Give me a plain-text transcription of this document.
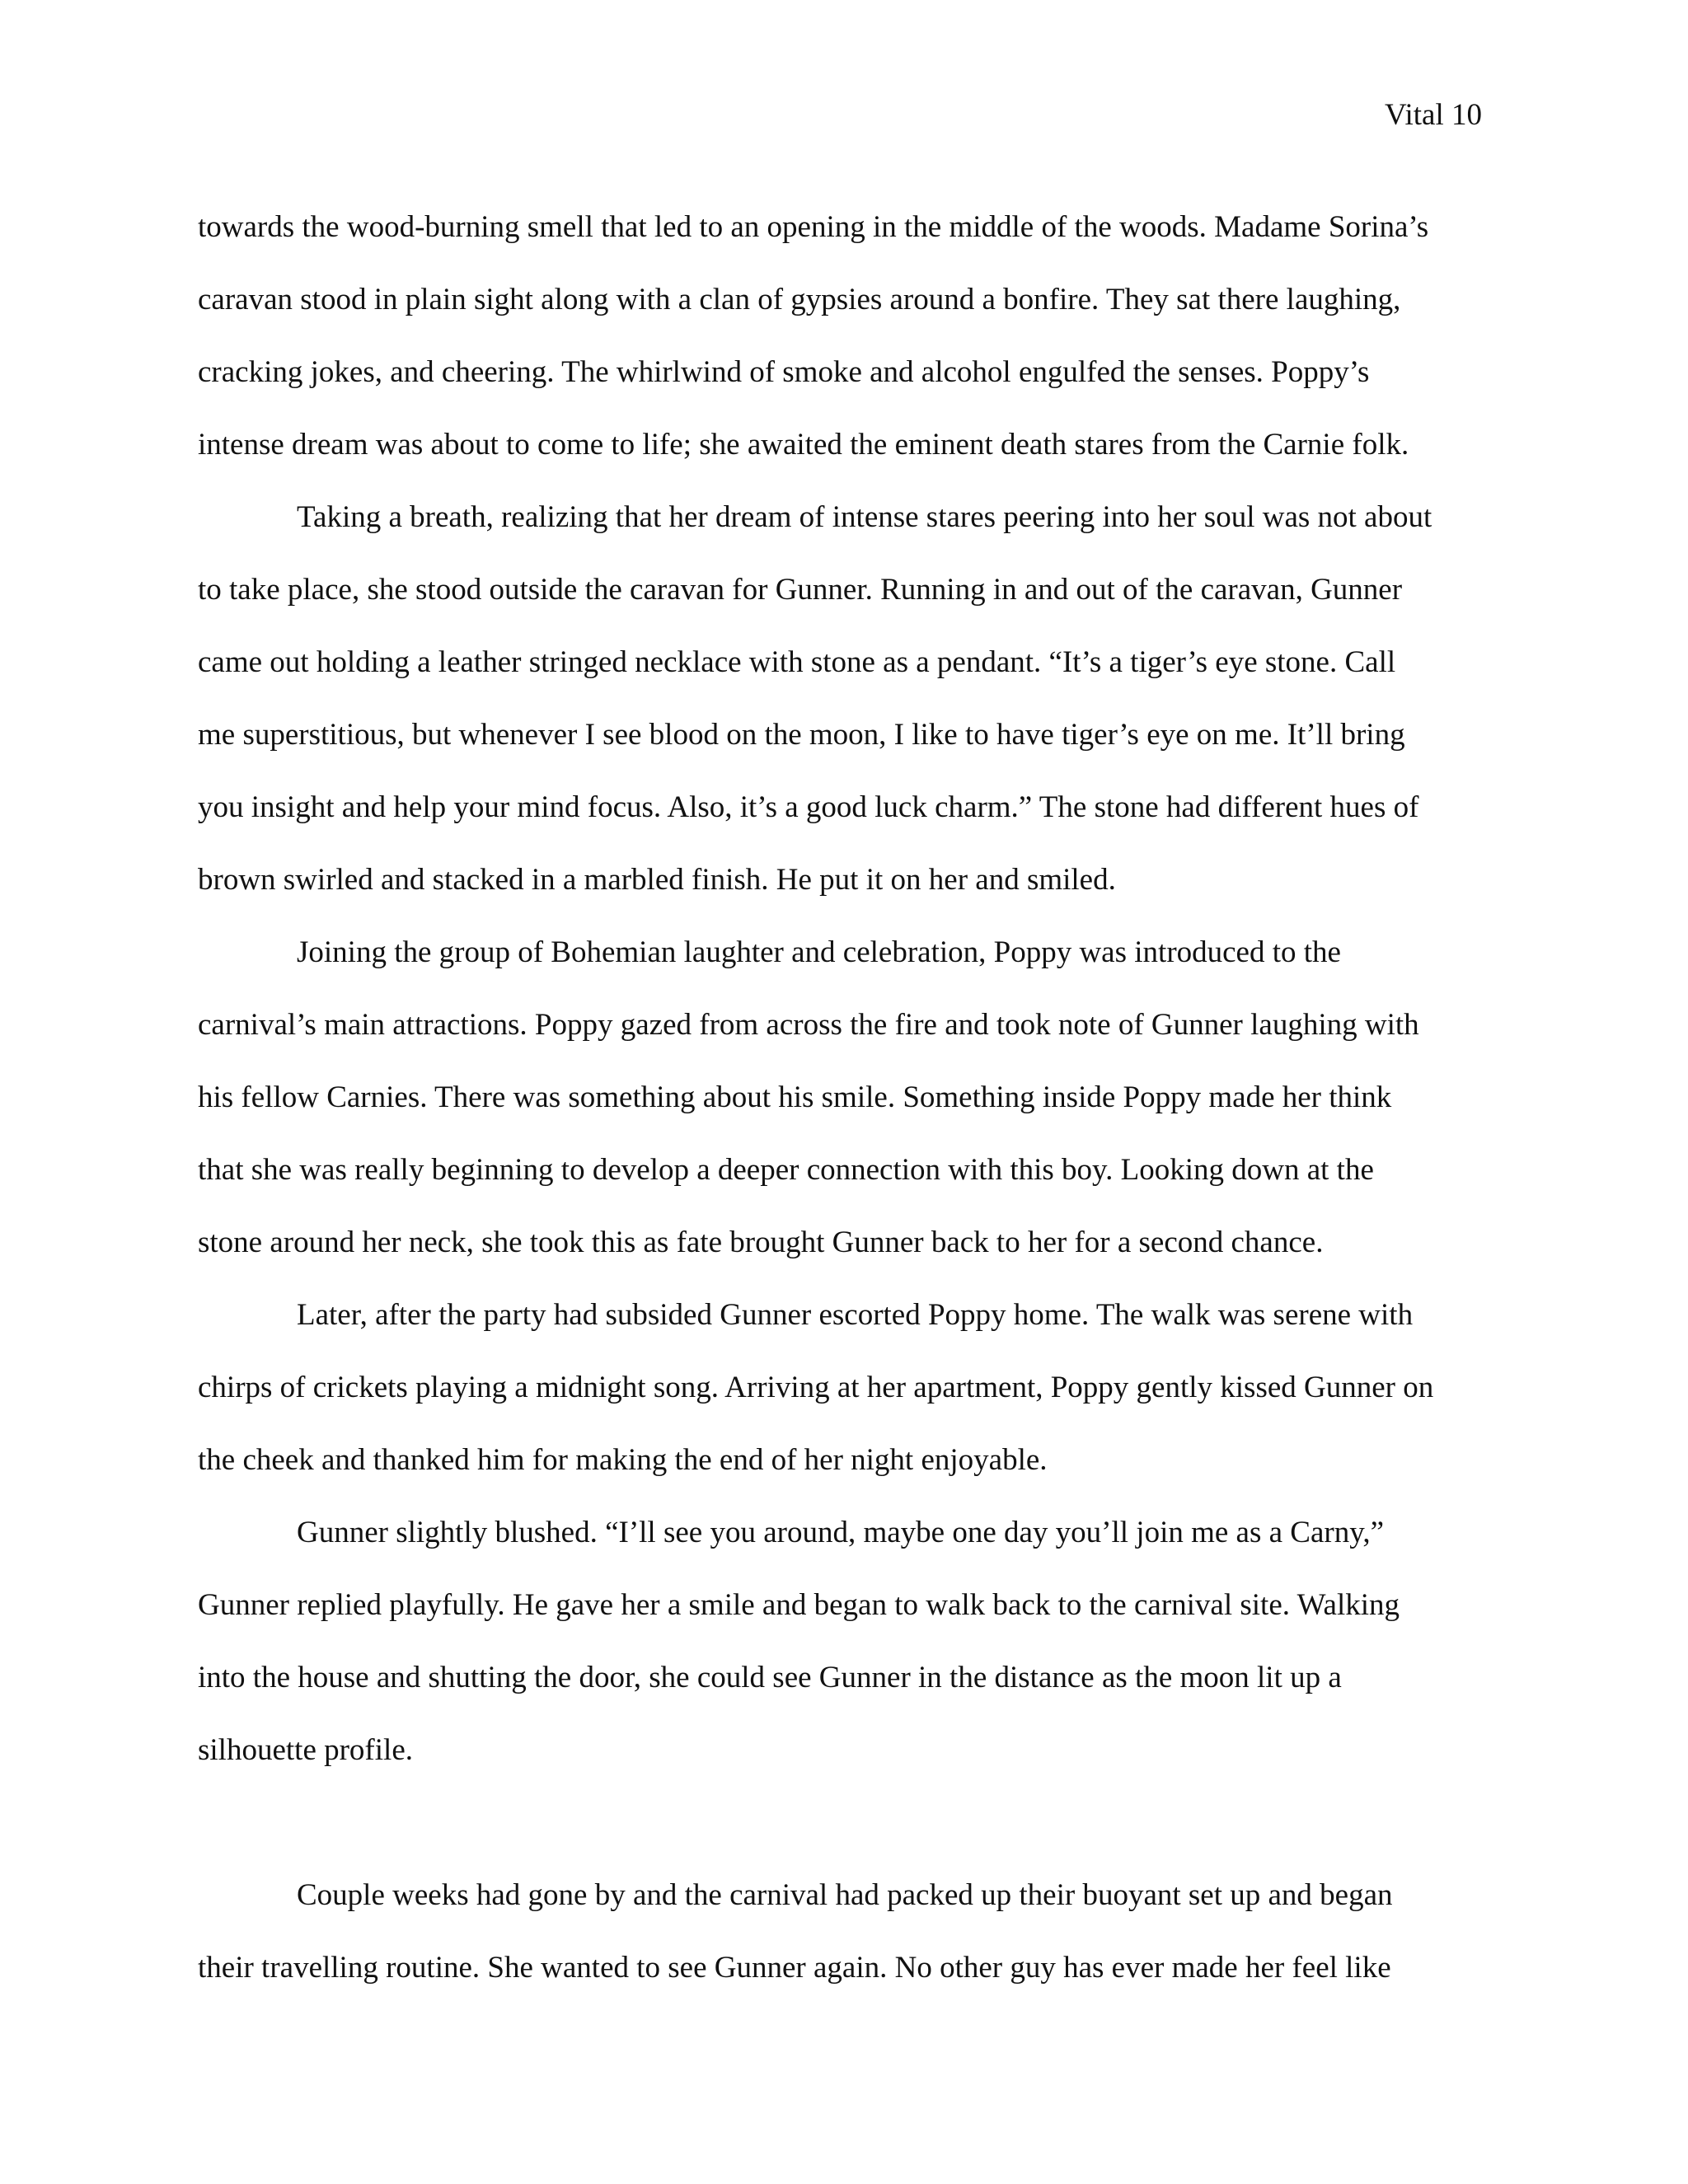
Vital 10
towards the wood-burning smell that led to an opening in the middle of the woods. Madame Sorina’s
caravan stood in plain sight along with a clan of gypsies around a bonfire. They sat there laughing,
cracking jokes, and cheering. The whirlwind of smoke and alcohol engulfed the senses. Poppy’s
intense dream was about to come to life; she awaited the eminent death stares from the Carnie folk.
Taking a breath, realizing that her dream of intense stares peering into her soul was not about
to take place, she stood outside the caravan for Gunner. Running in and out of the caravan, Gunner
came out holding a leather stringed necklace with stone as a pendant. “It’s a tiger’s eye stone. Call
me superstitious, but whenever I see blood on the moon, I like to have tiger’s eye on me. It’ll bring
you insight and help your mind focus. Also, it’s a good luck charm.” The stone had different hues of
brown swirled and stacked in a marbled finish. He put it on her and smiled.
Joining the group of Bohemian laughter and celebration, Poppy was introduced to the
carnival’s main attractions. Poppy gazed from across the fire and took note of Gunner laughing with
his fellow Carnies. There was something about his smile. Something inside Poppy made her think
that she was really beginning to develop a deeper connection with this boy. Looking down at the
stone around her neck, she took this as fate brought Gunner back to her for a second chance.
Later, after the party had subsided Gunner escorted Poppy home. The walk was serene with
chirps of crickets playing a midnight song. Arriving at her apartment, Poppy gently kissed Gunner on
the cheek and thanked him for making the end of her night enjoyable.
Gunner slightly blushed. “I’ll see you around, maybe one day you’ll join me as a Carny,”
Gunner replied playfully. He gave her a smile and began to walk back to the carnival site. Walking
into the house and shutting the door, she could see Gunner in the distance as the moon lit up a
silhouette profile.
Couple weeks had gone by and the carnival had packed up their buoyant set up and began
their travelling routine. She wanted to see Gunner again. No other guy has ever made her feel like
